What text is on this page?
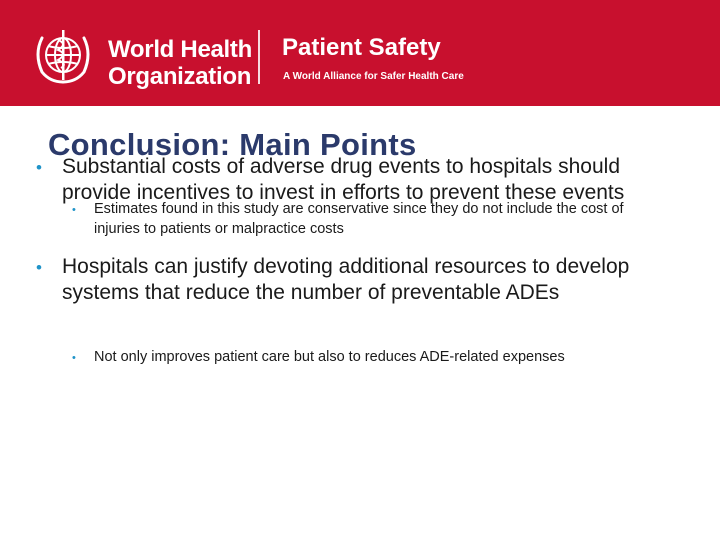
World Health
Organization
Patient Safety
A World Alliance for Safer Health Care
Conclusion: Main Points
• Substantial costs of adverse drug events to hospitals should provide incentives to invest in efforts to prevent these events
• Estimates found in this study are conservative since they do not include the cost of injuries to patients or malpractice costs
• Hospitals can justify devoting additional resources to develop systems that reduce the number of preventable ADEs
• Not only improves patient care but also to reduces ADE-related expenses
